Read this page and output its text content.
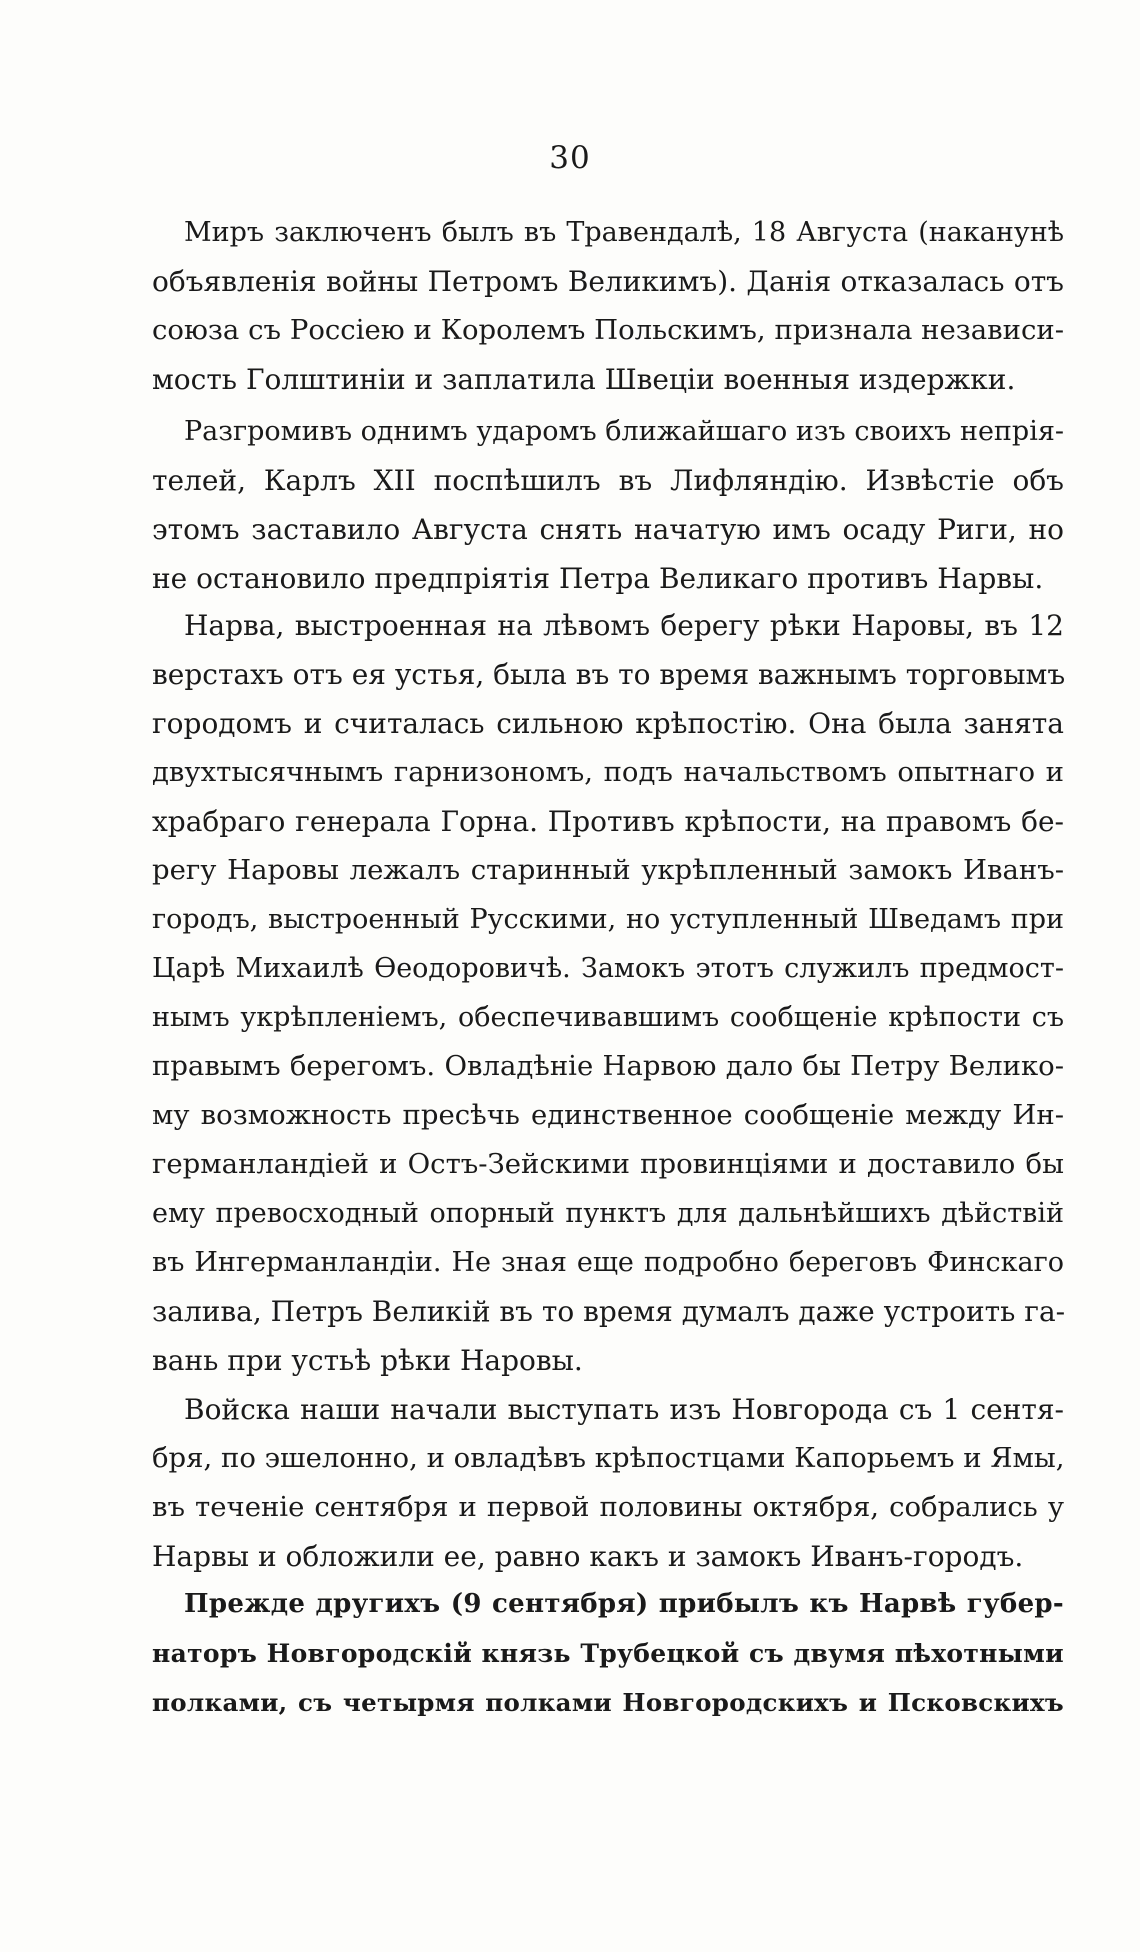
30
Миръ заключенъ былъ въ Травендалѣ, 18 Августа (наканунѣ
объявленія войны Петромъ Великимъ). Данія отказалась отъ
союза съ Россіею и Королемъ Польскимъ, признала независи-
мость Голштиніи и заплатила Швеціи военныя издержки.
Разгромивъ однимъ ударомъ ближайшаго изъ своихъ непрія-
телей, Карлъ XII поспѣшилъ въ Лифляндію. Извѣстіе объ
этомъ заставило Августа снять начатую имъ осаду Риги, но
не остановило предпріятія Петра Великаго противъ Нарвы.
Нарва, выстроенная на лѣвомъ берегу рѣки Наровы, въ 12
верстахъ отъ ея устья, была въ то время важнымъ торговымъ
городомъ и считалась сильною крѣпостію. Она была занята
двухтысячнымъ гарнизономъ, подъ начальствомъ опытнаго и
храбраго генерала Горна. Противъ крѣпости, на правомъ бе-
регу Наровы лежалъ старинный укрѣпленный замокъ Иванъ-
городъ, выстроенный Русскими, но уступленный Шведамъ при
Царѣ Михаилѣ Ѳеодоровичѣ. Замокъ этотъ служилъ предмост-
нымъ укрѣпленіемъ, обеспечивавшимъ сообщеніе крѣпости съ
правымъ берегомъ. Овладѣніе Нарвою дало бы Петру Велико-
му возможность пресѣчь единственное сообщеніе между Ин-
германландіей и Остъ-Зейскими провинціями и доставило бы
ему превосходный опорный пунктъ для дальнѣйшихъ дѣйствій
въ Ингерманландіи. Не зная еще подробно береговъ Финскаго
залива, Петръ Великій въ то время думалъ даже устроить га-
вань при устьѣ рѣки Наровы.
Войска наши начали выступать изъ Новгорода съ 1 сентя-
бря, по эшелонно, и овладѣвъ крѣпостцами Капорьемъ и Ямы,
въ теченіе сентября и первой половины октября, собрались у
Нарвы и обложили ее, равно какъ и замокъ Иванъ-городъ.
Прежде другихъ (9 сентября) прибылъ къ Нарвѣ губер-
наторъ Новгородскій князь Трубецкой съ двумя пѣхотными
полками, съ четырмя полками Новгородскихъ и Псковскихъ
